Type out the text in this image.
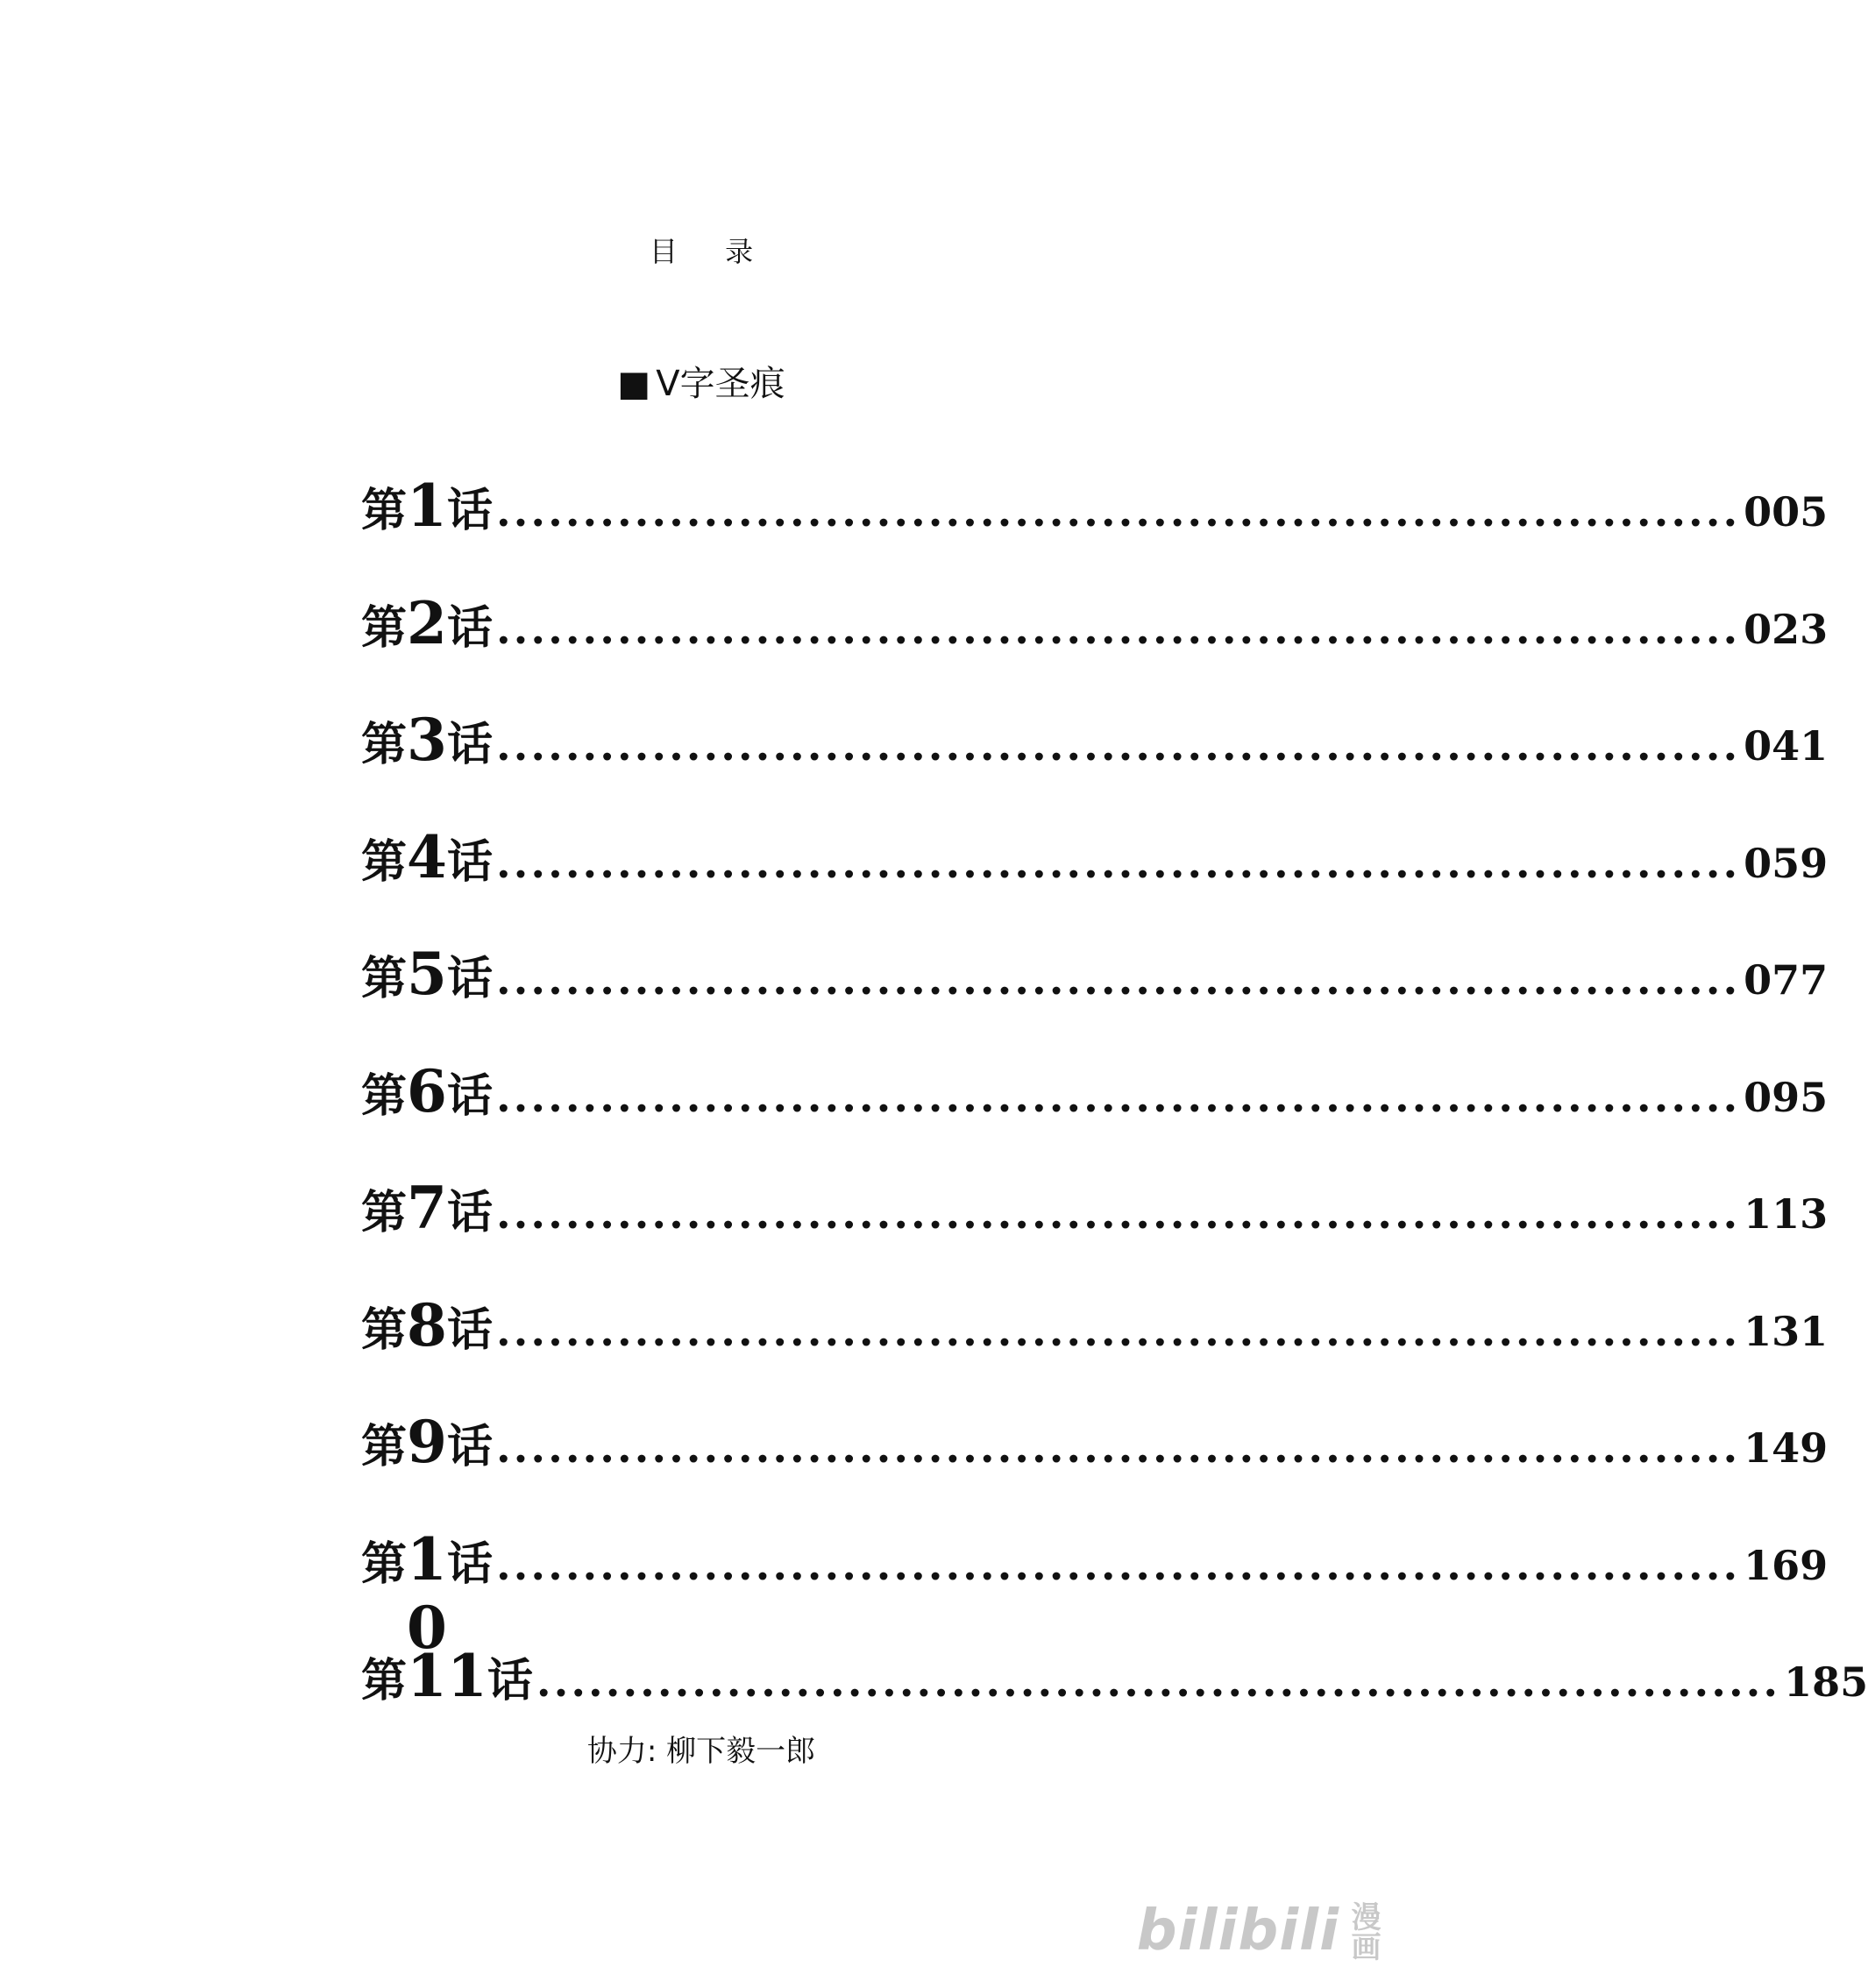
目 录
■ V字圣痕
第 1 话 ........................................................................ 005
第 2 话 ........................................................................ 023
第 3 话 ........................................................................ 041
第 4 话 ........................................................................ 059
第 5 话 ........................................................................ 077
第 6 话 ........................................................................ 095
第 7 话 ........................................................................ 113
第 8 话 ........................................................................ 131
第 9 话 ........................................................................ 149
第 1 0
话 ........................................................................ 169
第 11 话 ........................................................................ 185
协力: 柳下毅一郎
bilibili 漫画
